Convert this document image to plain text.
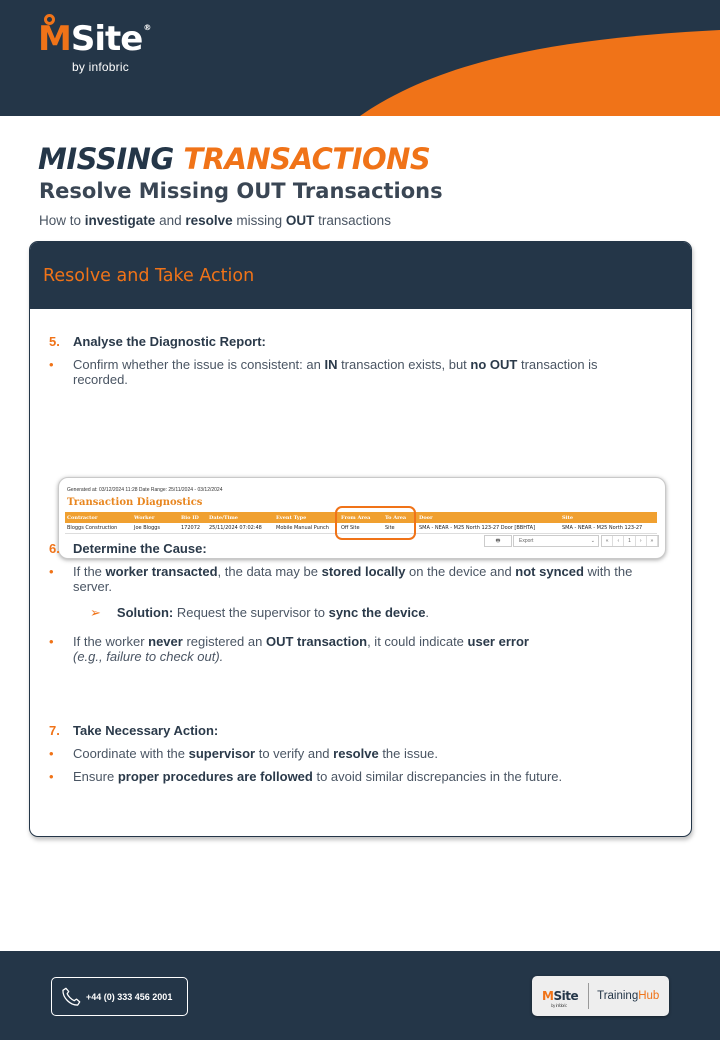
M Site ®
by infobric
MISSING TRANSACTIONS
Resolve Missing OUT Transactions
How to investigate and resolve missing OUT transactions
Resolve and Take Action
5. Analyse the Diagnostic Report:
• Confirm whether the issue is consistent: an IN transaction exists, but no OUT transaction is recorded.
Generated at: 03/12/2024 11:28 Date Range: 25/11/2024 - 03/12/2024
Transaction Diagnostics
Contractor	Worker	Bio ID	Date/Time	Event Type	From Area	To Area	Door	Site
Bloggs Construction	Joe Bloggs	172072	25/11/2024 07:02:48	Mobile Manual Punch	Off Site	Site	SMA - NEAR - M25 North 123-27 Door [BBHTA]	SMA - NEAR - M25 North 123-27
🖶	Export	⌄	«	‹	1	›	»
6. Determine the Cause:
• If the worker transacted, the data may be stored locally on the device and not synced with the server.
➢ Solution: Request the supervisor to sync the device.
• If the worker never registered an OUT transaction, it could indicate user error
(e.g., failure to check out).
7. Take Necessary Action:
• Coordinate with the supervisor to verify and resolve the issue.
• Ensure proper procedures are followed to avoid similar discrepancies in the future.
+44 (0) 333 456 2001	MSite
by infobric
TrainingHub
